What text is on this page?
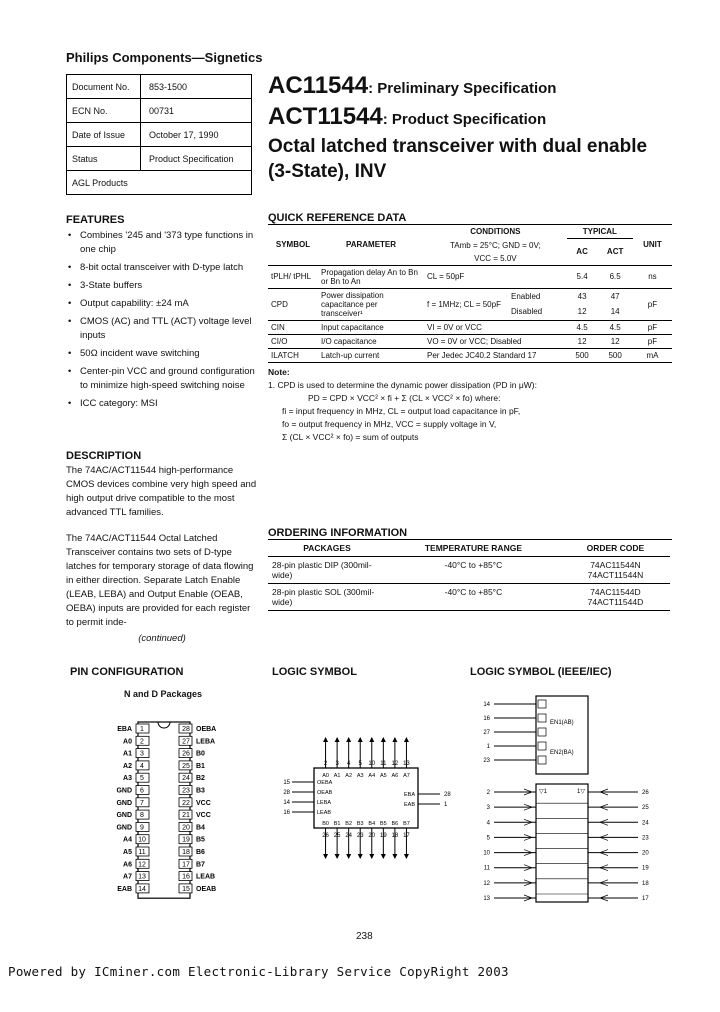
Philips Components—Signetics
Document No.	853-1500
ECN No.	00731
Date of Issue	October 17, 1990
Status	Product Specification
AGL Products
AC11544: Preliminary Specification
ACT11544: Product Specification
Octal latched transceiver with dual enable (3-State), INV
FEATURES
• Combines '245 and '373 type functions in one chip
• 8-bit octal transceiver with D-type latch
• 3-State buffers
• Output capability: ±24 mA
• CMOS (AC) and TTL (ACT) voltage level inputs
• 50Ω incident wave switching
• Center-pin VCC and ground configuration to minimize high-speed switching noise
• ICC category: MSI
DESCRIPTION
The 74AC/ACT11544 high-performance CMOS devices combine very high speed and high output drive compatible to the most advanced TTL families.
The 74AC/ACT11544 Octal Latched Transceiver contains two sets of D-type latches for temporary storage of data flowing in either direction. Separate Latch Enable (LEAB, LEBA) and Output Enable (OEAB, OEBA) inputs are provided for each register to permit inde-
(continued)
QUICK REFERENCE DATA
SYMBOL	PARAMETER	CONDITIONS		TYPICAL		UNIT
		TAmb = 25°C; GND = 0V;		AC	ACT	
		VCC = 5.0V				
tPLH/ tPHL	Propagation delay An to Bn or Bn to An	CL = 50pF		5.4	6.5	ns
CPD	Power dissipation capacitance per transceiver¹	f = 1MHz; CL = 50pF	Enabled	43	47	pF
			Disabled	12	14	
CIN	Input capacitance	VI = 0V or VCC		4.5	4.5	pF
CI/O	I/O capacitance	VO = 0V or VCC; Disabled		12	12	pF
ILATCH	Latch-up current	Per Jedec JC40.2 Standard 17		500	500	mA
Note:
1. CPD is used to determine the dynamic power dissipation (PD in μW):
PD = CPD × VCC² × fi + Σ (CL × VCC² × fo) where:
fi = input frequency in MHz, CL = output load capacitance in pF,
fo = output frequency in MHz, VCC = supply voltage in V,
Σ (CL × VCC² × fo) = sum of outputs
ORDERING INFORMATION
PACKAGES	TEMPERATURE RANGE	ORDER CODE
28-pin plastic DIP (300mil-wide)	-40°C to +85°C	74AC11544N
74ACT11544N

28-pin plastic SOL (300mil-wide)	-40°C to +85°C	74AC11544D
74ACT11544D
PIN CONFIGURATION
N and D Packages
1
EBA
2
A0
3
A1
4
A2
5
A3
6
GND
7
GND
8
GND
9
GND
10
A4
11
A5
12
A6
13
A7
14
EAB
28 OEBA
27 LEBA
26 B0
25 B1
24 B2
23 B3
22 VCC
21 VCC
20 B4
19 B5
18 B6
17 B7
16 LEAB
15 OEAB
LOGIC SYMBOL
2
A0
3
A1
4
A2
5
A3
10
A4
11
A5
12
A6
13
A7
26
B0
25
B1
24
B2
23
B3
20
B4
19
B5
18
B6
17
B7
15	OEBA
28	OEAB
14	LEBA
16	LEAB
28
EBA
1
EAB
LOGIC SYMBOL (IEEE/IEC)
14
16
27
1
23
EN1(AB)
EN2(BA)
▽1	1▽
2	26
3	25
4	24
5	23
10	20
11	19
12	18
13	17
238
Powered by ICminer.com Electronic-Library Service CopyRight 2003
